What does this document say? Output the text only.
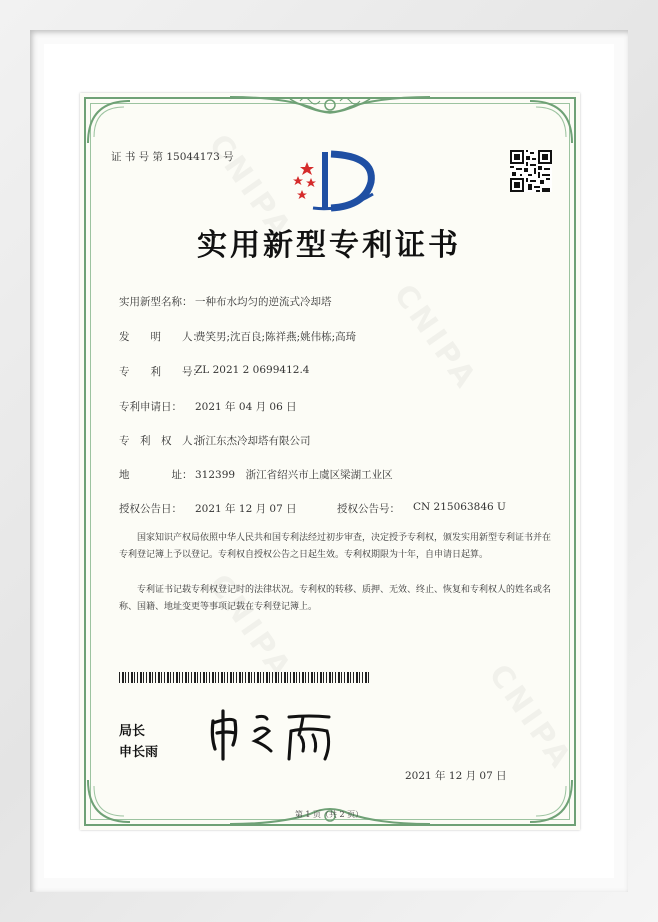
证 书 号 第 15044173 号
实用新型专利证书
实用新型名称： 一种布水均匀的逆流式冷却塔
发　　明　　人：
费笑男;沈百良;陈祥燕;姚伟栋;高琦
专　　利　　号：
ZL 2021 2 0699412.4
专利申请日： 2021 年 04 月 06 日
专　利　权　人：
浙江东杰冷却塔有限公司
地　　　　址： 312399　浙江省绍兴市上虞区梁湖工业区
授权公告日： 2021 年 12 月 07 日	授权公告号： CN 215063846 U
　　国家知识产权局依照中华人民共和国专利法经过初步审查，决定授予专利权，颁发实用新型专利证书并在专利登记簿上予以登记。专利权自授权公告之日起生效。专利权期限为十年，自申请日起算。
　　专利证书记载专利权登记时的法律状况。专利权的转移、质押、无效、终止、恢复和专利权人的姓名或名称、国籍、地址变更等事项记载在专利登记簿上。
局长
申长雨
2021 年 12 月 07 日
第 1 页（共 2 页）
